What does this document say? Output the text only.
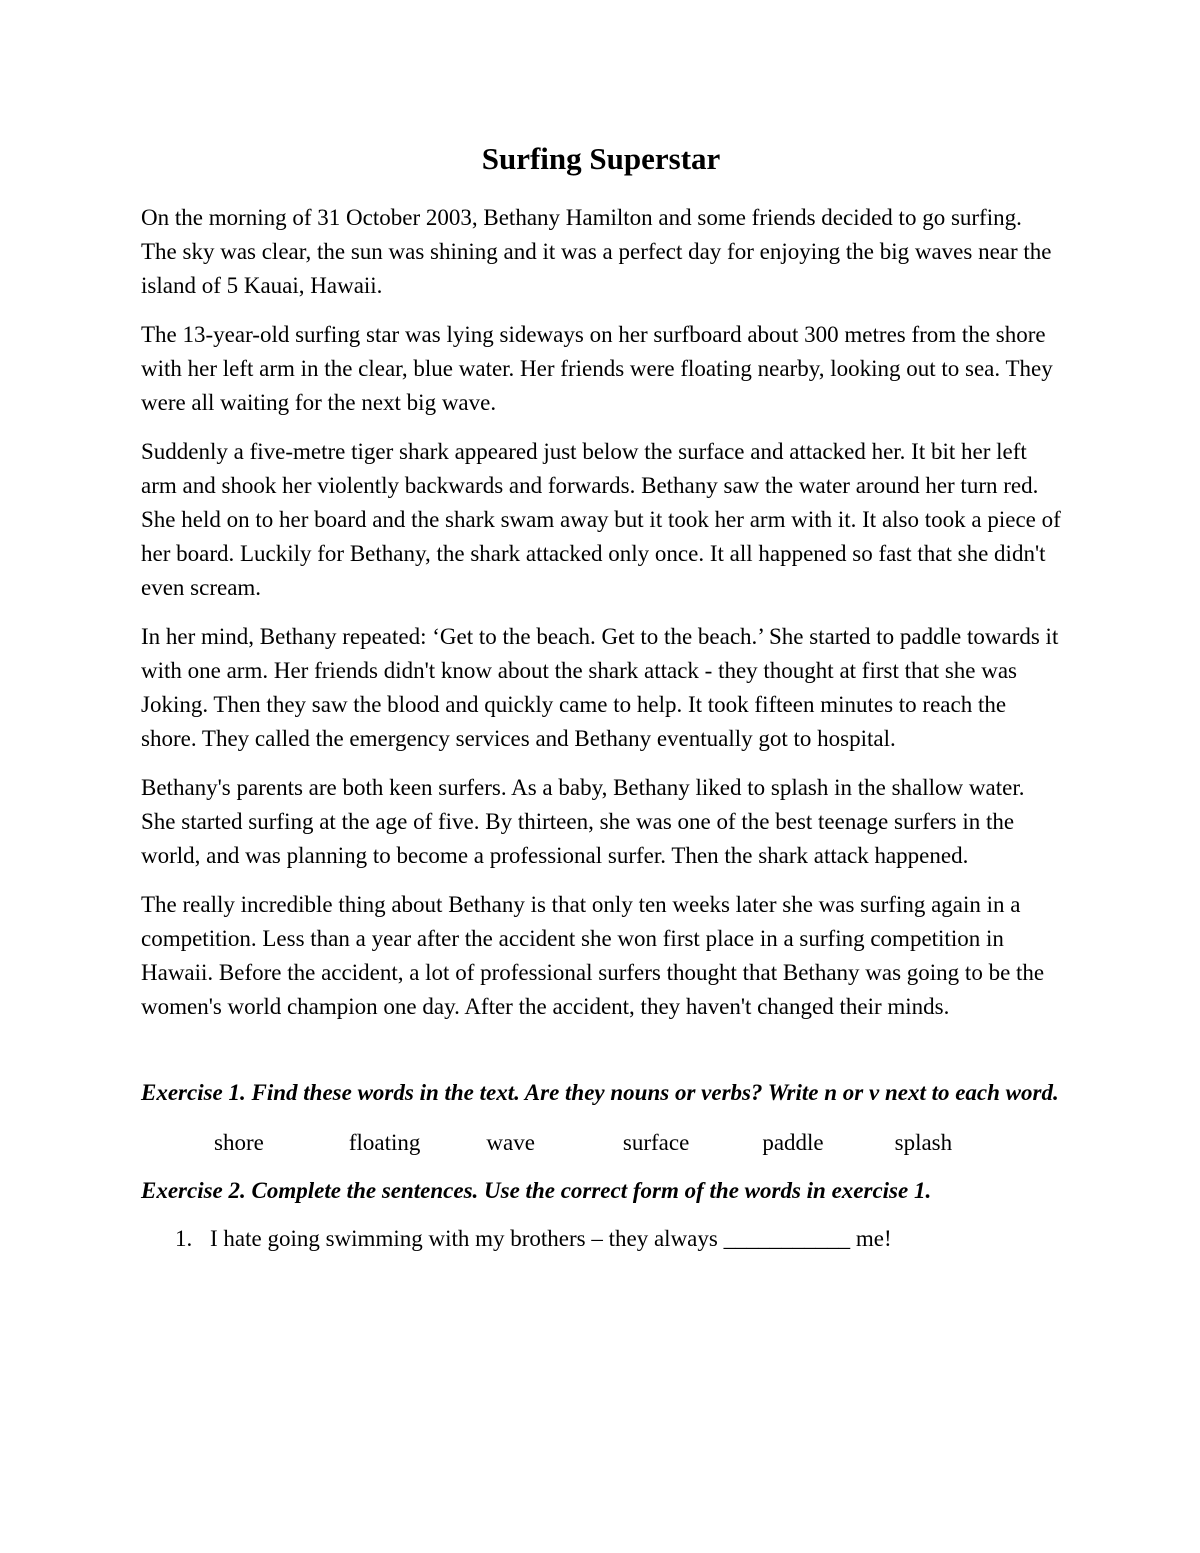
Surfing Superstar

On the morning of 31 October 2003, Bethany Hamilton and some friends decided to go surfing. The sky was clear, the sun was shining and it was a perfect day for enjoying the big waves near the island of 5 Kauai, Hawaii.

The 13-year-old surfing star was lying sideways on her surfboard about 300 metres from the shore with her left arm in the clear, blue water. Her friends were floating nearby, looking out to sea. They were all waiting for the next big wave.

Suddenly a five-metre tiger shark appeared just below the surface and attacked her. It bit her left arm and shook her violently backwards and forwards. Bethany saw the water around her turn red. She held on to her board and the shark swam away but it took her arm with it. It also took a piece of her board. Luckily for Bethany, the shark attacked only once. It all happened so fast that she didn't even scream.

In her mind, Bethany repeated: ‘Get to the beach. Get to the beach.’ She started to paddle towards it with one arm. Her friends didn't know about the shark attack - they thought at first that she was Joking. Then they saw the blood and quickly came to help. It took fifteen minutes to reach the shore. They called the emergency services and Bethany eventually got to hospital.

Bethany's parents are both keen surfers. As a baby, Bethany liked to splash in the shallow water. She started surfing at the age of five. By thirteen, she was one of the best teenage surfers in the world, and was planning to become a professional surfer. Then the shark attack happened.

The really incredible thing about Bethany is that only ten weeks later she was surfing again in a competition. Less than a year after the accident she won first place in a surfing competition in Hawaii. Before the accident, a lot of professional surfers thought that Bethany was going to be the women's world champion one day. After the accident, they haven't changed their minds.

Exercise 1. Find these words in the text. Are they nouns or verbs? Write n or v next to each word.

shore	floating	wave	surface	paddle	splash

Exercise 2. Complete the sentences. Use the correct form of the words in exercise 1.

1. I hate going swimming with my brothers – they always ___________ me!
